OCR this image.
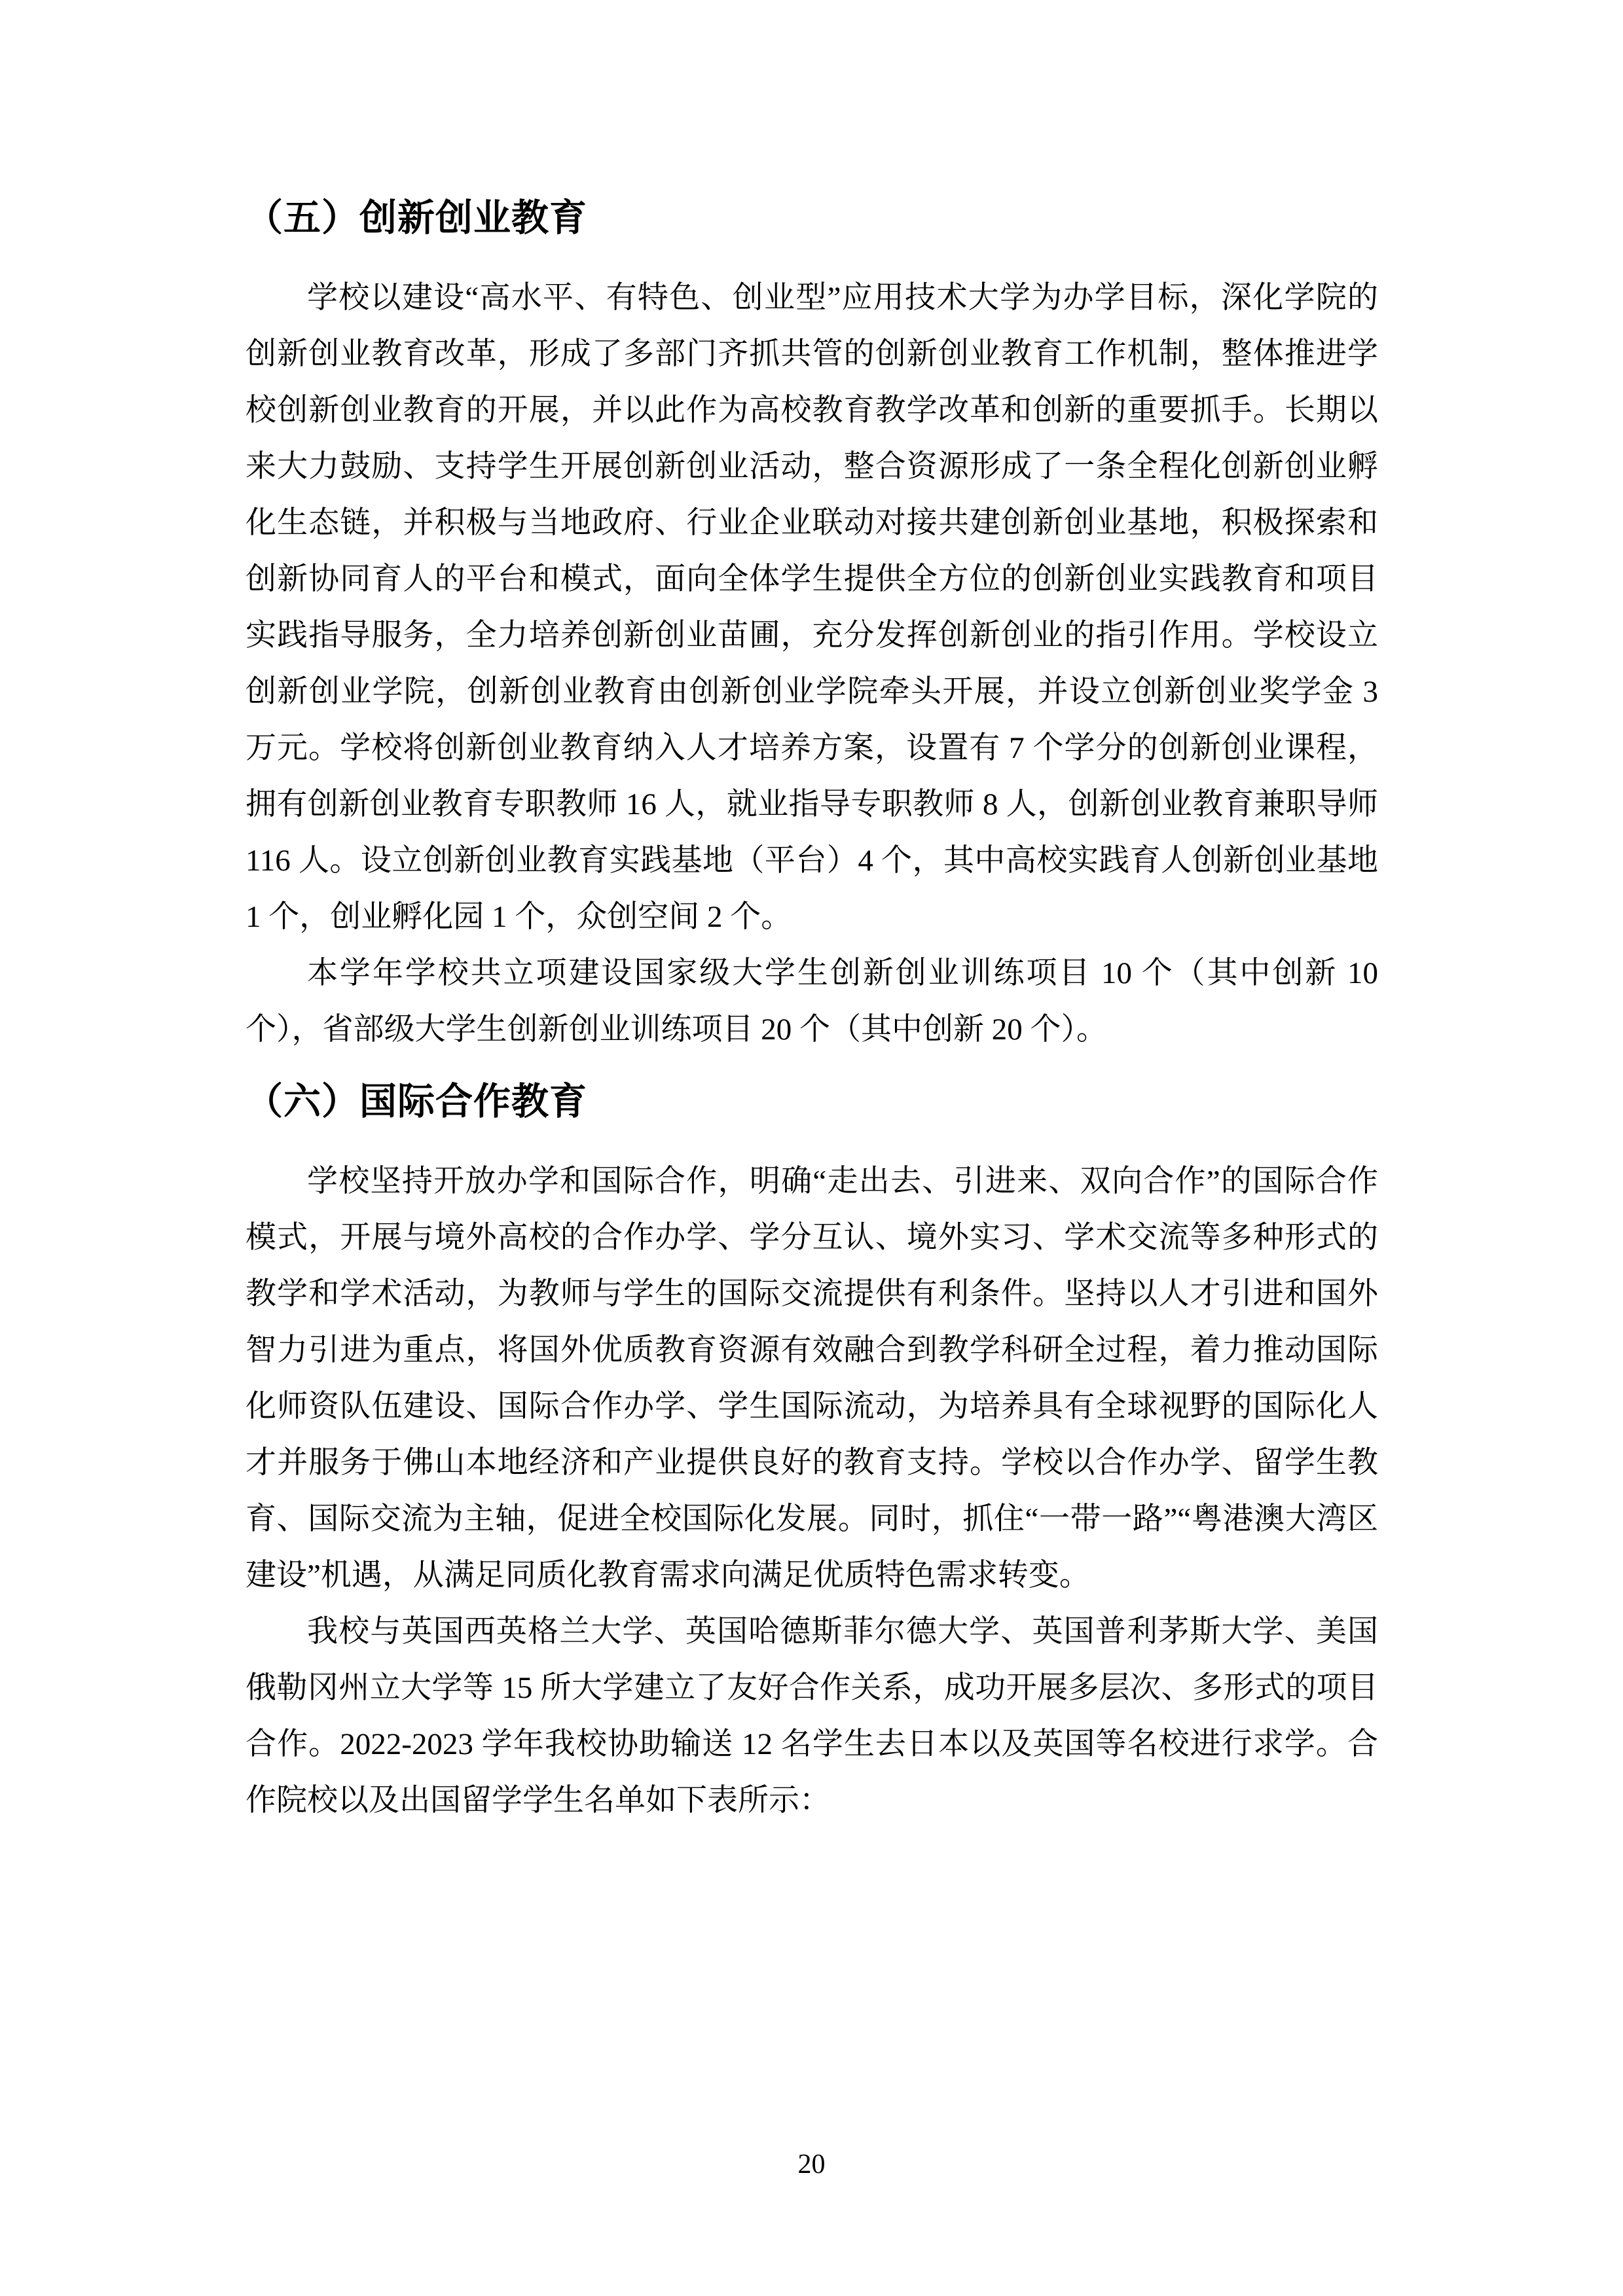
（五）创新创业教育

学校以建设“高水平、有特色、创业型”应用技术大学为办学目标，深化学院的创新创业教育改革，形成了多部门齐抓共管的创新创业教育工作机制，整体推进学校创新创业教育的开展，并以此作为高校教育教学改革和创新的重要抓手。长期以来大力鼓励、支持学生开展创新创业活动，整合资源形成了一条全程化创新创业孵化生态链，并积极与当地政府、行业企业联动对接共建创新创业基地，积极探索和创新协同育人的平台和模式，面向全体学生提供全方位的创新创业实践教育和项目实践指导服务，全力培养创新创业苗圃，充分发挥创新创业的指引作用。学校设立创新创业学院，创新创业教育由创新创业学院牵头开展，并设立创新创业奖学金 3 万元。学校将创新创业教育纳入人才培养方案，设置有 7 个学分的创新创业课程，拥有创新创业教育专职教师 16 人，就业指导专职教师 8 人，创新创业教育兼职导师 116 人。设立创新创业教育实践基地（平台）4 个，其中高校实践育人创新创业基地 1 个，创业孵化园 1 个，众创空间 2 个。

本学年学校共立项建设国家级大学生创新创业训练项目 10 个（其中创新 10 个），省部级大学生创新创业训练项目 20 个（其中创新 20 个）。

（六）国际合作教育

学校坚持开放办学和国际合作，明确“走出去、引进来、双向合作”的国际合作模式，开展与境外高校的合作办学、学分互认、境外实习、学术交流等多种形式的教学和学术活动，为教师与学生的国际交流提供有利条件。坚持以人才引进和国外智力引进为重点，将国外优质教育资源有效融合到教学科研全过程，着力推动国际化师资队伍建设、国际合作办学、学生国际流动，为培养具有全球视野的国际化人才并服务于佛山本地经济和产业提供良好的教育支持。学校以合作办学、留学生教育、国际交流为主轴，促进全校国际化发展。同时，抓住“一带一路”“粤港澳大湾区建设”机遇，从满足同质化教育需求向满足优质特色需求转变。

我校与英国西英格兰大学、英国哈德斯菲尔德大学、英国普利茅斯大学、美国俄勒冈州立大学等 15 所大学建立了友好合作关系，成功开展多层次、多形式的项目合作。2022-2023 学年我校协助输送 12 名学生去日本以及英国等名校进行求学。合作院校以及出国留学学生名单如下表所示：

20
